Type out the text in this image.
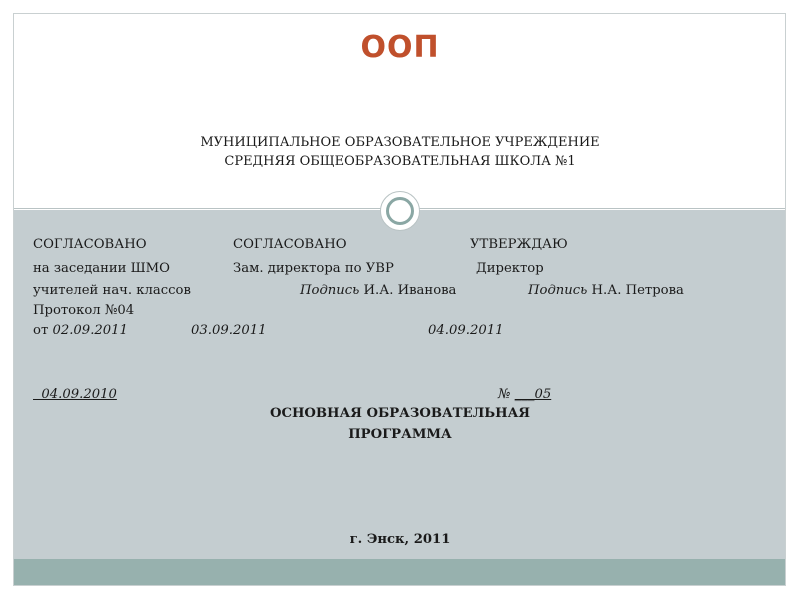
ООП
МУНИЦИПАЛЬНОЕ ОБРАЗОВАТЕЛЬНОЕ УЧРЕЖДЕНИЕ
СРЕДНЯЯ ОБЩЕОБРАЗОВАТЕЛЬНАЯ ШКОЛА №1
СОГЛАСОВАНО	СОГЛАСОВАНО	УТВЕРЖДАЮ
на заседании ШМО	Зам. директора по УВР	Директор
учителей нач. классов	Подпись И.А. Иванова	Подпись Н.А. Петрова
Протокол №04
от 02.09.2011	03.09.2011	04.09.2011
04.09.2010	№ ___05
ОСНОВНАЯ ОБРАЗОВАТЕЛЬНАЯ
ПРОГРАММА
г. Энск, 2011
